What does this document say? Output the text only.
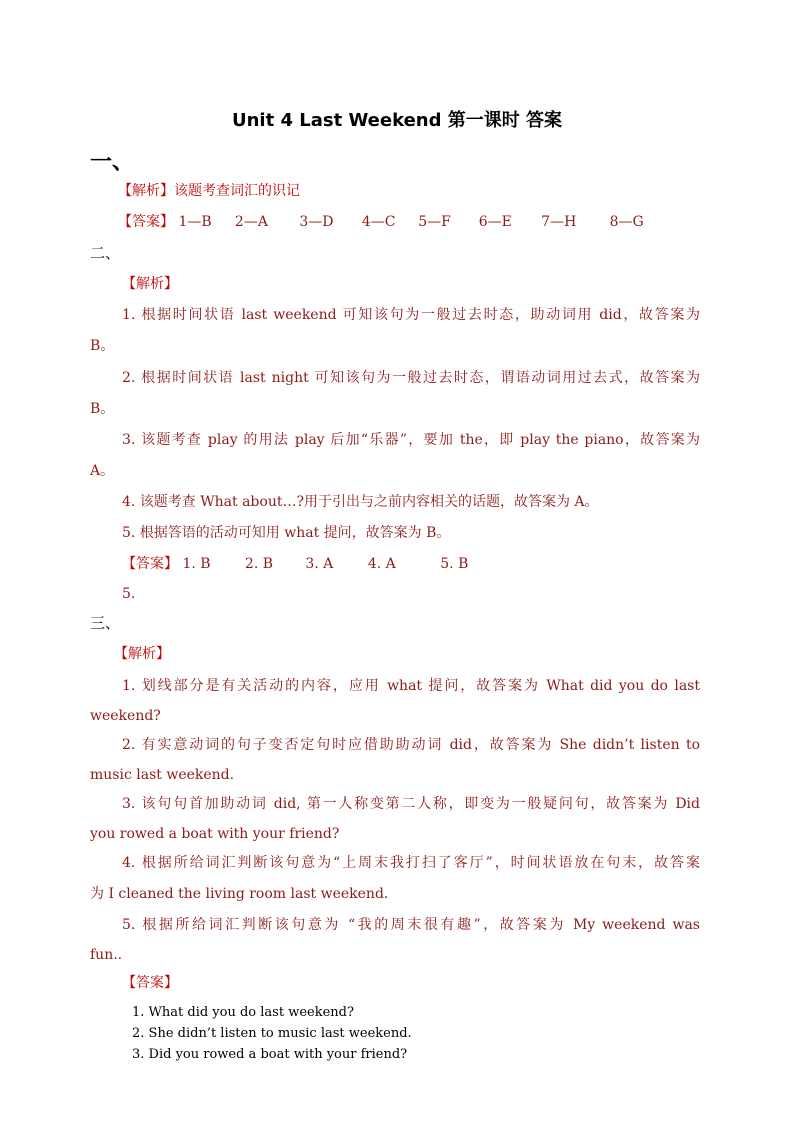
Unit 4 Last Weekend 第一课时 答案
一、
【解析】该题考查词汇的识记
【答案】 1—B 2—A 3—D 4—C 5—F 6—E 7—H 8—G
二、
【解析】
1. 根据时间状语 last weekend 可知该句为一般过去时态，助动词用 did，故答案为
B。
2. 根据时间状语 last night 可知该句为一般过去时态，谓语动词用过去式，故答案为
B。
3. 该题考查 play 的用法 play 后加“乐器”，要加 the，即 play the piano，故答案为
A。
4. 该题考查 What about…?用于引出与之前内容相关的话题，故答案为 A。
5. 根据答语的活动可知用 what 提问，故答案为 B。
【答案】 1. B 2. B 3. A 4. A	5. B
5.
三、
【解析】
1. 划线部分是有关活动的内容，应用 what 提问，故答案为 What did you do last
weekend?
2. 有实意动词的句子变否定句时应借助助动词 did，故答案为 She didn’t listen to
music last weekend.
3. 该句句首加助动词 did, 第一人称变第二人称，即变为一般疑问句，故答案为 Did
you rowed a boat with your friend?
4. 根据所给词汇判断该句意为“上周末我打扫了客厅”，时间状语放在句末，故答案
为 I cleaned the living room last weekend.
5. 根据所给词汇判断该句意为 “我的周末很有趣”，故答案为 My weekend was
fun..
【答案】
1. What did you do last weekend?
2. She didn’t listen to music last weekend.
3. Did you rowed a boat with your friend?
